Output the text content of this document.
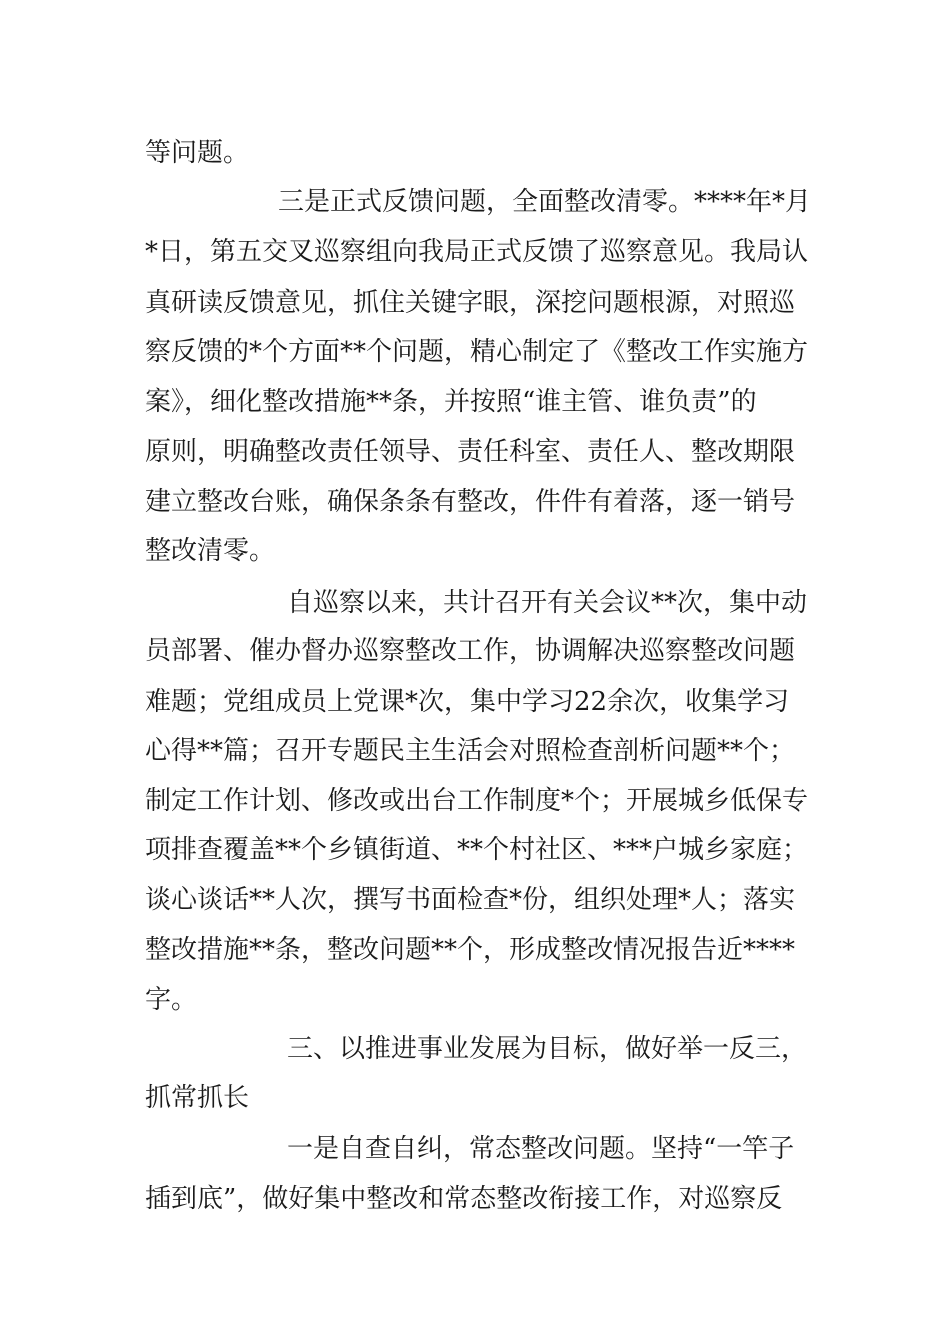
等问题。

三是正式反馈问题，全面整改清零。****年*月

*日，第五交叉巡察组向我局正式反馈了巡察意见。我局认

真研读反馈意见，抓住关键字眼，深挖问题根源，对照巡

察反馈的*个方面**个问题，精心制定了《整改工作实施方

案》，细化整改措施**条，并按照“谁主管、谁负责”的

原则，明确整改责任领导、责任科室、责任人、整改期限

建立整改台账，确保条条有整改，件件有着落，逐一销号

整改清零。

自巡察以来，共计召开有关会议**次，集中动

员部署、催办督办巡察整改工作，协调解决巡察整改问题

难题；党组成员上党课*次，集中学习22余次，收集学习

心得**篇；召开专题民主生活会对照检查剖析问题**个；

制定工作计划、修改或出台工作制度*个；开展城乡低保专

项排查覆盖**个乡镇街道、**个村社区、***户城乡家庭；

谈心谈话**人次，撰写书面检查*份，组织处理*人；落实

整改措施**条，整改问题**个，形成整改情况报告近****

字。

三、以推进事业发展为目标，做好举一反三，

抓常抓长

一是自查自纠，常态整改问题。坚持“一竿子

插到底”，做好集中整改和常态整改衔接工作，对巡察反
